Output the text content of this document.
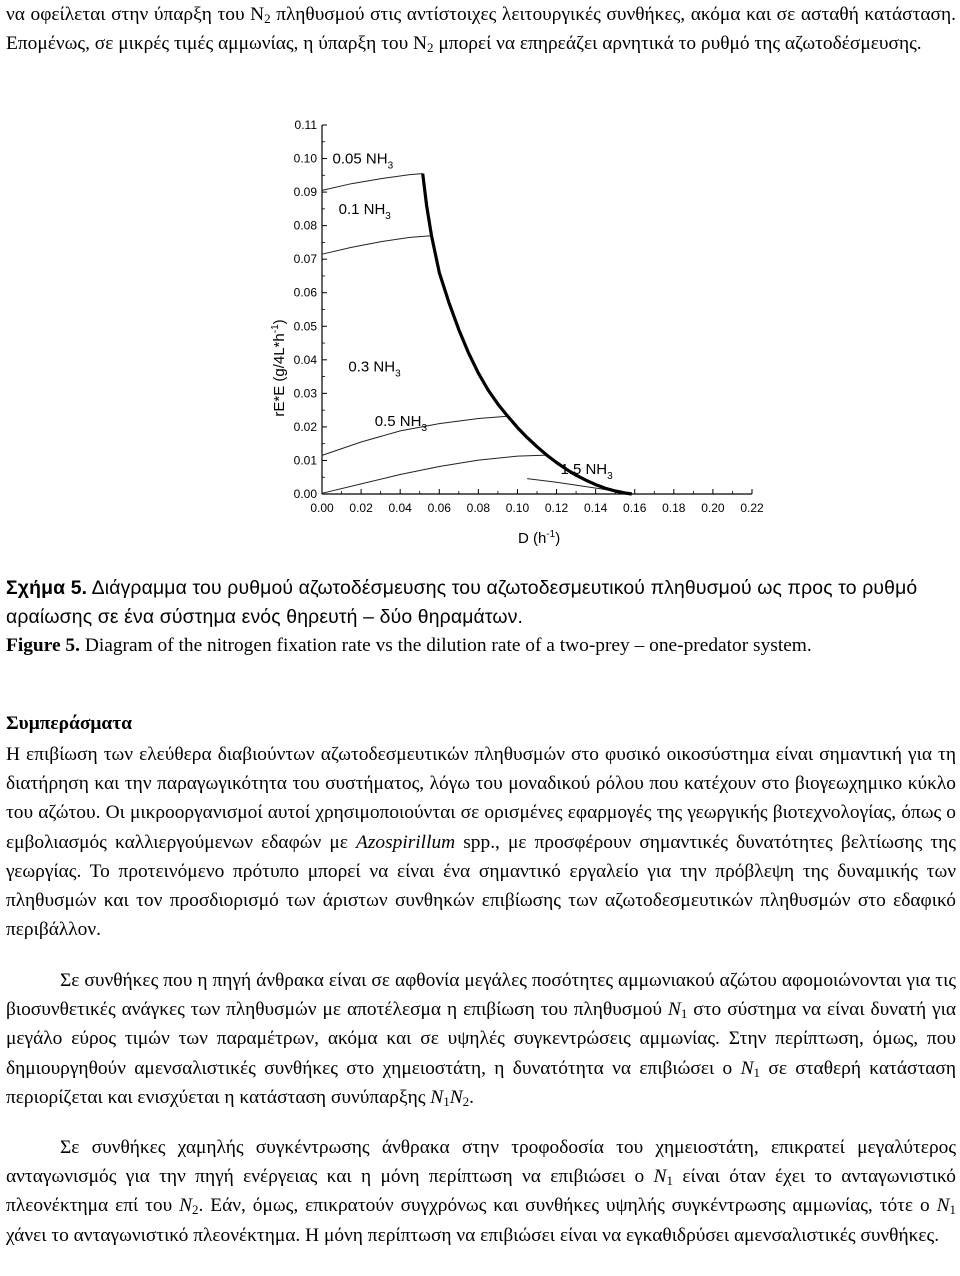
να οφείλεται στην ύπαρξη του $N_2$ πληθυσμού στις αντίστοιχες λειτουργικές συνθήκες, ακόμα και σε ασταθή κατάσταση. Επομένως, σε μικρές τιμές αμμωνίας, η ύπαρξη του $N_2$ μπορεί να επηρεάζει αρνητικά το ρυθμό της αζωτοδέσμευσης.

0.00
0.01
0.02
0.03
0.04
0.05
0.06
0.07
0.08
0.09
0.10
0.11
0.00 0.02 0.04 0.06 0.08 0.10 0.12 0.14 0.16 0.18 0.20 0.22
0.05 $NH_3$
0.1 $NH_3$
0.3 $NH_3$
0.5 $NH_3$
1.5 $NH_3$
D $(h^{-1})$
rE*E $(g/4L*h^{-1})$
Σχήμα 5. Διάγραμμα του ρυθμού αζωτοδέσμευσης του αζωτοδεσμευτικού πληθυσμού ως προς το ρυθμό αραίωσης σε ένα σύστημα ενός θηρευτή – δύο θηραμάτων.
Figure 5. Diagram of the nitrogen fixation rate vs the dilution rate of a two-prey – one-predator system.
Συμπεράσματα

Η επιβίωση των ελεύθερα διαβιούντων αζωτοδεσμευτικών πληθυσμών στο φυσικό οικοσύστημα είναι σημαντική για τη διατήρηση και την παραγωγικότητα του συστήματος, λόγω του μοναδικού ρόλου που κατέχουν στο βιογεωχημικο κύκλο του αζώτου. Οι μικροοργανισμοί αυτοί χρησιμοποιούνται σε ορισμένες εφαρμογές της γεωργικής βιοτεχνολογίας, όπως ο εμβολιασμός καλλιεργούμενων εδαφών με Azospirillum spp., με προσφέρουν σημαντικές δυνατότητες βελτίωσης της γεωργίας. Το προτεινόμενο πρότυπο μπορεί να είναι ένα σημαντικό εργαλείο για την πρόβλεψη της δυναμικής των πληθυσμών και τον προσδιορισμό των άριστων συνθηκών επιβίωσης των αζωτοδεσμευτικών πληθυσμών στο εδαφικό περιβάλλον.

Σε συνθήκες που η πηγή άνθρακα είναι σε αφθονία μεγάλες ποσότητες αμμωνιακού αζώτου αφομοιώνονται για τις βιοσυνθετικές ανάγκες των πληθυσμών με αποτέλεσμα η επιβίωση του πληθυσμού $N_1$ στο σύστημα να είναι δυνατή για μεγάλο εύρος τιμών των παραμέτρων, ακόμα και σε υψηλές συγκεντρώσεις αμμωνίας. Στην περίπτωση, όμως, που δημιουργηθούν αμενσαλιστικές συνθήκες στο χημειοστάτη, η δυνατότητα να επιβιώσει ο $N_1$ σε σταθερή κατάσταση περιορίζεται και ενισχύεται η κατάσταση συνύπαρξης $N_1N_2$.

Σε συνθήκες χαμηλής συγκέντρωσης άνθρακα στην τροφοδοσία του χημειοστάτη, επικρατεί μεγαλύτερος ανταγωνισμός για την πηγή ενέργειας και η μόνη περίπτωση να επιβιώσει ο $N_1$ είναι όταν έχει το ανταγωνιστικό πλεονέκτημα επί του $N_2$. Εάν, όμως, επικρατούν συγχρόνως και συνθήκες υψηλής συγκέντρωσης αμμωνίας, τότε ο $N_1$ χάνει το ανταγωνιστικό πλεονέκτημα. Η μόνη περίπτωση να επιβιώσει είναι να εγκαθιδρύσει αμενσαλιστικές συνθήκες.
